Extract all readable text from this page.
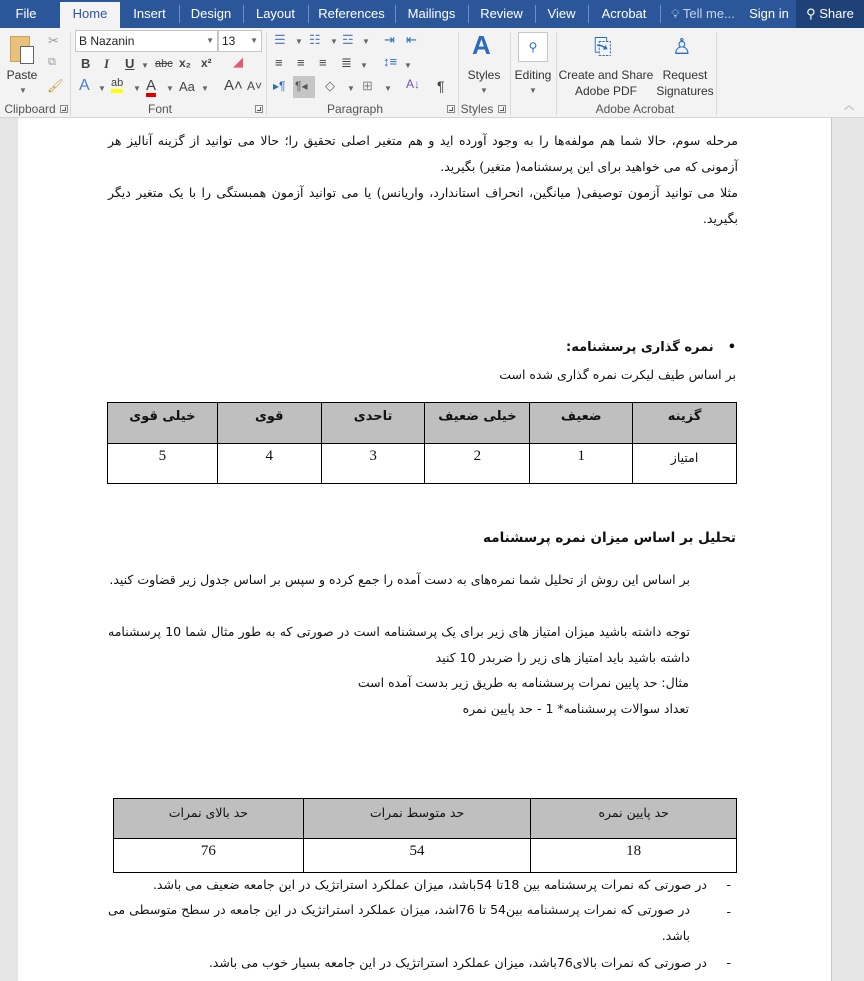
File	Home	Insert	Design	Layout	References	Mailings	Review	View	Acrobat	💡︎ Tell me...	Sign in	⚲ Share
Paste
▼
✂
⧉
🖌︎
Clipboard
B Nazanin	▼ 13 ▼
B I U ▼ abc x₂ x² ◢
A ▼ ab ▼ A ▼ Aa ▼ A˄ A˅
Font
☰ ▼ ☷ ▼ ☲ ▼ ⇥ ⇤
≡ ≡ ≡ ≣ ▼ ↕≡ ▼
▸¶ ¶◂	◇ ▼ ⊞ ▼ A↓ ¶
Paragraph
A
Styles
▼
Styles
⚲
Editing
▼
⎘
Create and Share
Adobe PDF
♙
Request
Signatures
Adobe Acrobat	︿
مرحله سوم، حالا شما هم مولفه‌ها را به وجود آورده اید و هم متغیر اصلی تحقیق را؛ حالا می توانید از گزینه آنالیز هر آزمونی که می خواهید برای این پرسشنامه( متغیر) بگیرید.
مثلا می توانید آزمون توصیفی( میانگین، انحراف استاندارد، واریانس) یا می توانید آزمون همبستگی را با یک متغیر دیگر بگیرید.
•نمره گذاری پرسشنامه:
بر اساس طیف لیکرت نمره گذاری شده است
گزینه	ضعیف	خیلی ضعیف	تاحدی	قوی	خیلی قوی
امتیاز	1	2	3	4	5
تحلیل بر اساس میزان نمره پرسشنامه
بر اساس این روش از تحلیل شما نمره‌های به دست آمده را جمع کرده و سپس بر اساس جدول زیر قضاوت کنید.
توجه داشته باشید میزان امتیاز های زیر برای یک پرسشنامه است در صورتی که به طور مثال شما 10 پرسشنامه داشته باشید باید امتیاز های زیر را ضربدر 10 کنید
مثال: حد پایین نمرات پرسشنامه به طریق زیر بدست آمده است
تعداد سوالات پرسشنامه* 1 - حد پایین نمره
حد پایین نمره	حد متوسط نمرات	حد بالای نمرات
18	54	76
در صورتی که نمرات پرسشنامه بین 18تا 54باشد، میزان عملکرد استراتژیک در این جامعه ضعیف می باشد. -
در صورتی که نمرات پرسشنامه بین54 تا 76اشد، میزان عملکرد استراتژیک در این جامعه در سطح متوسطی می باشد.
-
در صورتی که نمرات بالای76باشد، میزان عملکرد استراتژیک در این جامعه بسیار خوب می باشد. -
